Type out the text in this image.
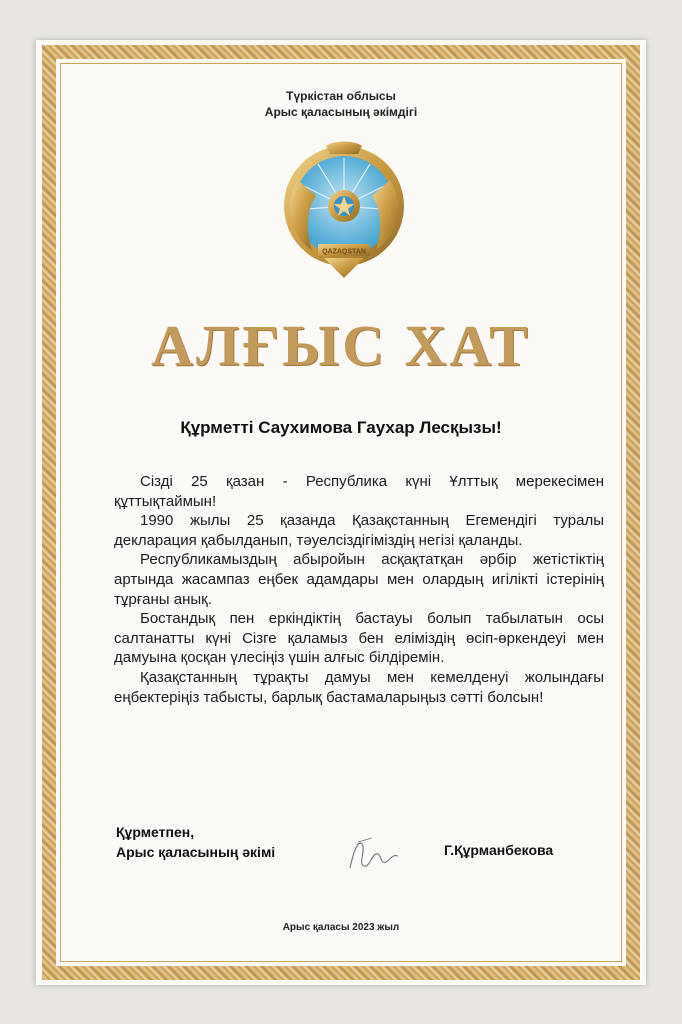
Түркістан облысы
Арыс қаласының әкімдігі
QAZAQSTAN
АЛҒЫС ХАТ
Құрметті Саухимова Гаухар Лесқызы!

Сізді 25 қазан - Республика күні Ұлттық мерекесімен құттықтаймын!

1990 жылы 25 қазанда Қазақстанның Егемендігі туралы декларация қабылданып, тәуелсіздігіміздің негізі қаланды.

Республикамыздың абыройын асқақтатқан әрбір жетістіктің артында жасампаз еңбек адамдары мен олардың игілікті істерінің тұрғаны анық.

Бостандық пен еркіндіктің бастауы болып табылатын осы салтанатты күні Сізге қаламыз бен еліміздің өсіп-өркендеуі мен дамуына қосқан үлесіңіз үшін алғыс білдіремін.

Қазақстанның тұрақты дамуы мен кемелденуі жолындағы еңбектеріңіз табысты, барлық бастамаларыңыз сәтті болсын!

Құрметпен,
Арыс қаласының әкімі	Г.Құрманбекова
Арыс қаласы 2023 жыл
